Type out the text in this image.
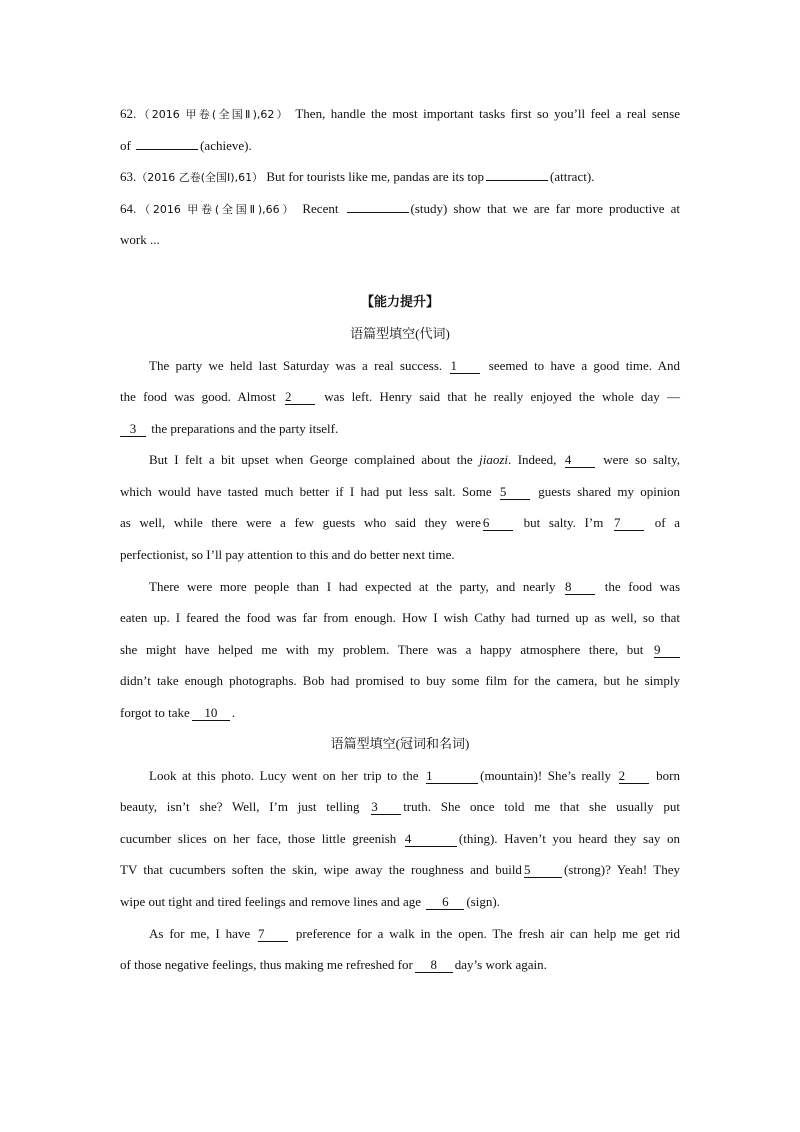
62.（2016 甲卷(全国Ⅱ),62） Then, handle the most important tasks first so you’ll feel a real sense
of	(achieve).
63.（2016 乙卷(全国Ⅰ),61） But for tourists like me, pandas are its top	(attract).
64.（2016 甲卷(全国Ⅱ),66） Recent	(study) show that we are far more productive at
work ...
【能力提升】
语篇型填空(代词)
The party we held last Saturday was a real success. 1 seemed to have a good time. And
the food was good. Almost 2	was left. Henry said that he really enjoyed the whole day —
3 the preparations and the party itself.
But I felt a bit upset when George complained about the jiaozi. Indeed, 4 were so salty,
which would have tasted much better if I had put less salt. Some 5 guests shared my opinion
as well, while there were a few guests who said they were 6	but salty. I’m 7	of a
perfectionist, so I’ll pay attention to this and do better next time.
There were more people than I had expected at the party, and nearly 8	the food was
eaten up. I feared the food was far from enough. How I wish Cathy had turned up as well, so that
she might have helped me with my problem. There was a happy atmosphere there, but 9
didn’t take enough photographs. Bob had promised to buy some film for the camera, but he simply
forgot to take 10 .
语篇型填空(冠词和名词)
Look at this photo. Lucy went on her trip to the 1	(mountain)! She’s really 2 born
beauty, isn’t she? Well, I’m just telling 3 truth. She once told me that she usually put
cucumber slices on her face, those little greenish 4	(thing). Haven’t you heard they say on
TV that cucumbers soften the skin, wipe away the roughness and build 5	(strong)? Yeah! They
wipe out tight and tired feelings and remove lines and age 6 (sign).
As for me, I have 7 preference for a walk in the open. The fresh air can help me get rid
of those negative feelings, thus making me refreshed for 8 day’s work again.
